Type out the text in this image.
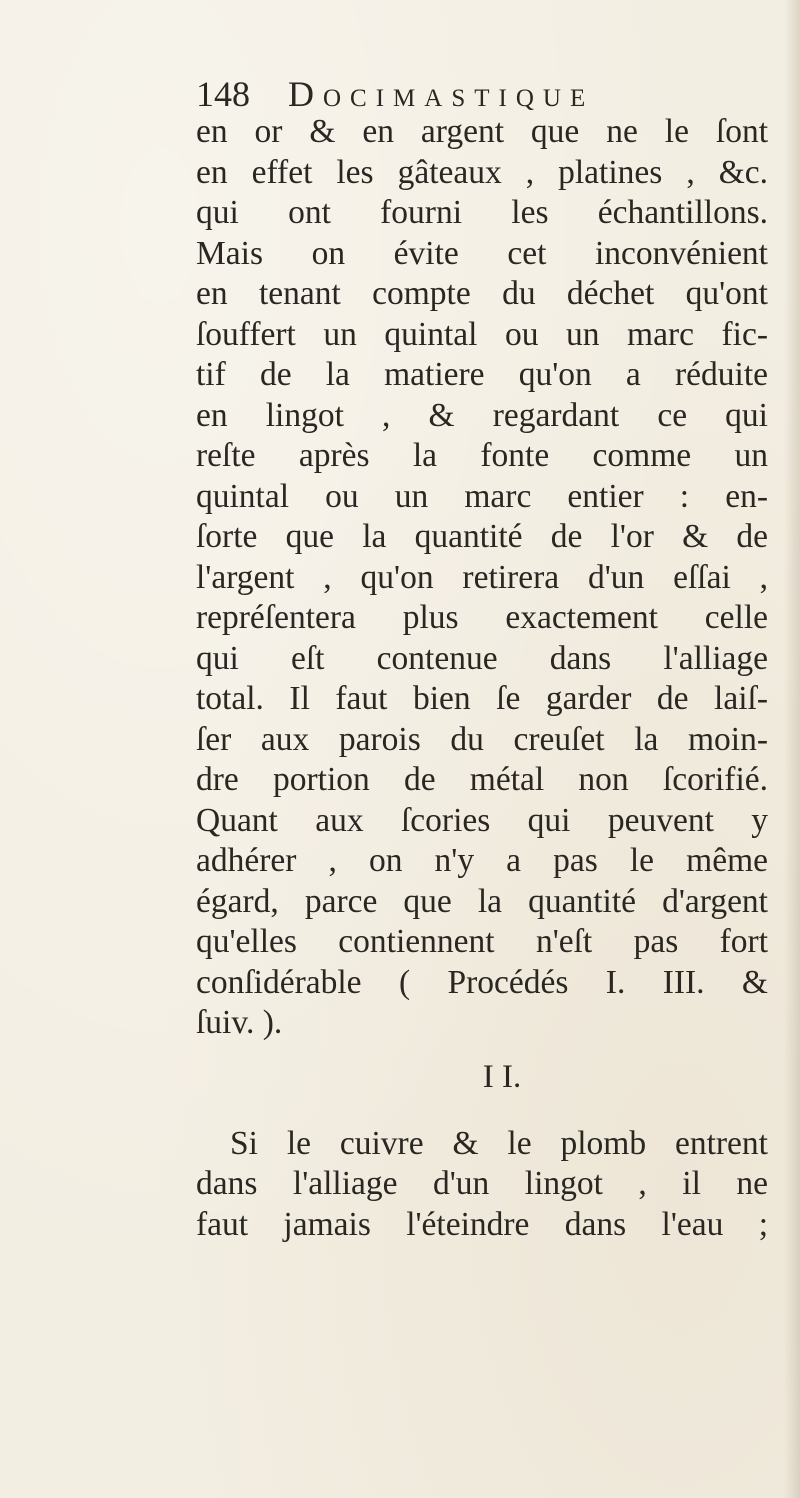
148 Docimastique
en or & en argent que ne le ſont
en effet les gâteaux , platines , &c.
qui ont fourni les échantillons.
Mais on évite cet inconvénient
en tenant compte du déchet qu'ont
ſouffert un quintal ou un marc fic-
tif de la matiere qu'on a réduite
en lingot , & regardant ce qui
reſte après la fonte comme un
quintal ou un marc entier : en-
ſorte que la quantité de l'or & de
l'argent , qu'on retirera d'un eſſai ,
repréſentera plus exactement celle
qui eſt contenue dans l'alliage
total. Il faut bien ſe garder de laiſ-
ſer aux parois du creuſet la moin-
dre portion de métal non ſcorifié.
Quant aux ſcories qui peuvent y
adhérer , on n'y a pas le même
égard, parce que la quantité d'argent
qu'elles contiennent n'eſt pas fort
conſidérable ( Procédés I. III. &
ſuiv. ).
I I.
Si le cuivre & le plomb entrent
dans l'alliage d'un lingot , il ne
faut jamais l'éteindre dans l'eau ;
